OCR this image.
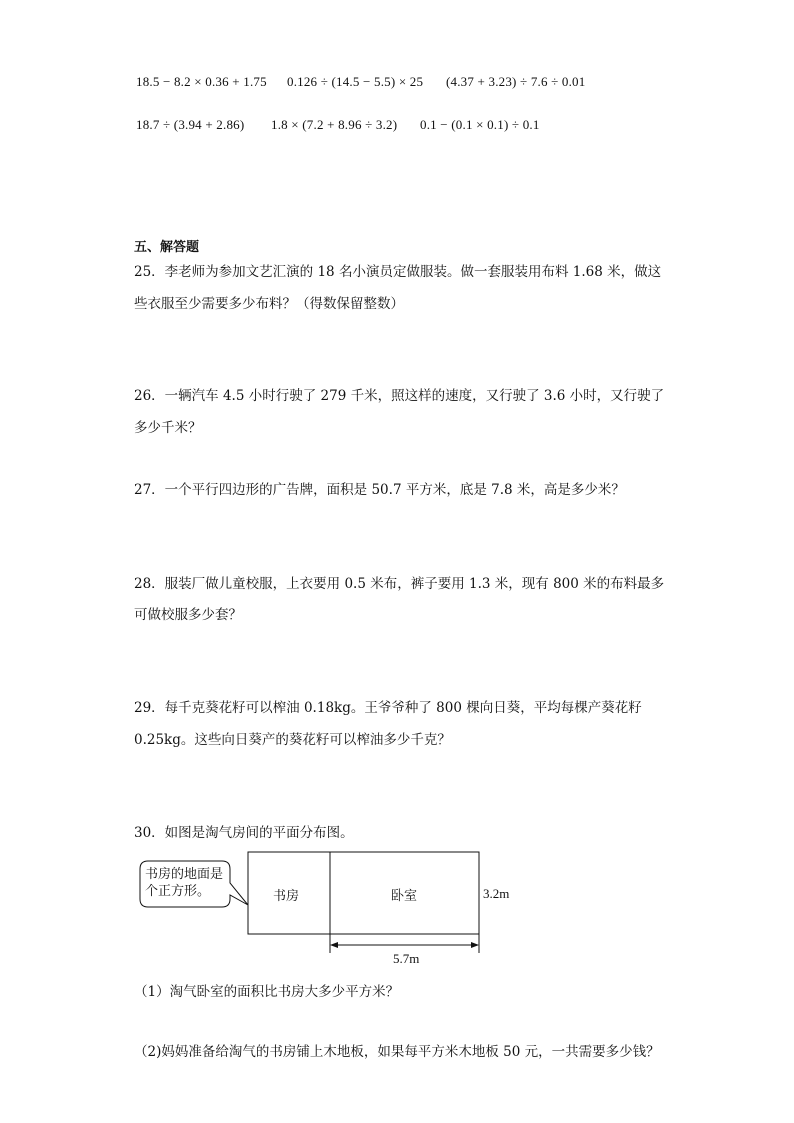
18.5 − 8.2 × 0.36 + 1.75 0.126 ÷ (14.5 − 5.5) × 25 (4.37 + 3.23) ÷ 7.6 ÷ 0.01
18.7 ÷ (3.94 + 2.86) 1.8 × (7.2 + 8.96 ÷ 3.2) 0.1 − (0.1 × 0.1) ÷ 0.1
五、解答题
25．李老师为参加文艺汇演的 18 名小演员定做服装。做一套服装用布料 1.68 米，做这
些衣服至少需要多少布料？（得数保留整数）
26．一辆汽车 4.5 小时行驶了 279 千米，照这样的速度，又行驶了 3.6 小时，又行驶了
多少千米？
27．一个平行四边形的广告牌，面积是 50.7 平方米，底是 7.8 米，高是多少米？
28．服装厂做儿童校服，上衣要用 0.5 米布，裤子要用 1.3 米，现有 800 米的布料最多
可做校服多少套？
29．每千克葵花籽可以榨油 0.18kg。王爷爷种了 800 棵向日葵，平均每棵产葵花籽
0.25kg。这些向日葵产的葵花籽可以榨油多少千克？
30．如图是淘气房间的平面分布图。
书房的地面是
个正方形。	书房	卧室	3.2m
5.7m
（1）淘气卧室的面积比书房大多少平方米？
（2)妈妈准备给淘气的书房铺上木地板，如果每平方米木地板 50 元，一共需要多少钱？
